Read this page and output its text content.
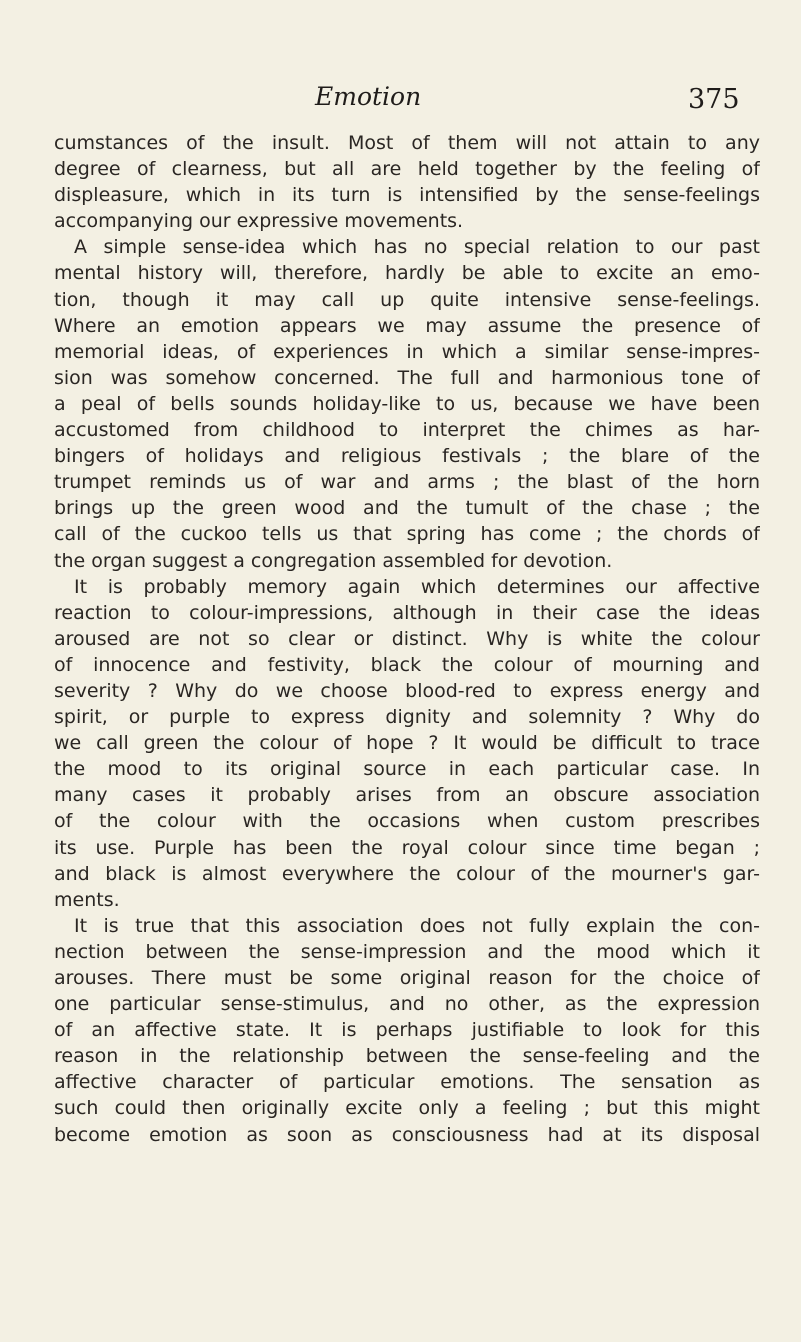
Emotion	375
cumstances of the insult. Most of them will not attain to any
degree of clearness, but all are held together by the feeling of
displeasure, which in its turn is intensified by the sense-feelings
accompanying our expressive movements.
A simple sense-idea which has no special relation to our past
mental history will, therefore, hardly be able to excite an emo-
tion, though it may call up quite intensive sense-feelings.
Where an emotion appears we may assume the presence of
memorial ideas, of experiences in which a similar sense-impres-
sion was somehow concerned. The full and harmonious tone of
a peal of bells sounds holiday-like to us, because we have been
accustomed from childhood to interpret the chimes as har-
bingers of holidays and religious festivals ; the blare of the
trumpet reminds us of war and arms ; the blast of the horn
brings up the green wood and the tumult of the chase ; the
call of the cuckoo tells us that spring has come ; the chords of
the organ suggest a congregation assembled for devotion.
It is probably memory again which determines our affective
reaction to colour-impressions, although in their case the ideas
aroused are not so clear or distinct. Why is white the colour
of innocence and festivity, black the colour of mourning and
severity ? Why do we choose blood-red to express energy and
spirit, or purple to express dignity and solemnity ? Why do
we call green the colour of hope ? It would be difficult to trace
the mood to its original source in each particular case. In
many cases it probably arises from an obscure association
of the colour with the occasions when custom prescribes
its use. Purple has been the royal colour since time began ;
and black is almost everywhere the colour of the mourner's gar-
ments.
It is true that this association does not fully explain the con-
nection between the sense-impression and the mood which it
arouses. There must be some original reason for the choice of
one particular sense-stimulus, and no other, as the expression
of an affective state. It is perhaps justifiable to look for this
reason in the relationship between the sense-feeling and the
affective character of particular emotions. The sensation as
such could then originally excite only a feeling ; but this might
become emotion as soon as consciousness had at its disposal
